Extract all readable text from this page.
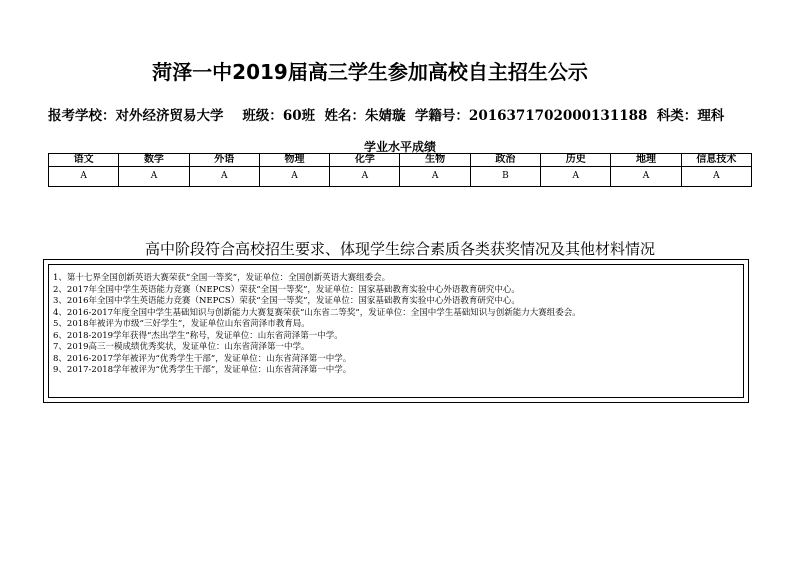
菏泽一中2019届高三学生参加高校自主招生公示
报考学校：对外经济贸易大学 班级：60班 姓名：朱婧璇 学籍号：2016371702000131188 科类：理科
学业水平成绩
语文	数学	外语	物理	化学	生物	政治	历史	地理	信息技术
A	A	A	A	A	A	B	A	A	A
高中阶段符合高校招生要求、体现学生综合素质各类获奖情况及其他材料情况
1、第十七界全国创新英语大赛荣获“全国一等奖”，发证单位：全国创新英语大赛组委会。
2、2017年全国中学生英语能力竞赛（NEPCS）荣获“全国一等奖”，发证单位：国家基础教育实验中心外语教育研究中心。
3、2016年全国中学生英语能力竞赛（NEPCS）荣获“全国一等奖”，发证单位：国家基础教育实验中心外语教育研究中心。
4、2016-2017年度全国中学生基础知识与创新能力大赛复赛荣获“山东省二等奖”，发证单位：全国中学生基础知识与创新能力大赛组委会。
5、2018年被评为市级“三好学生”，发证单位山东省菏泽市教育局。
6、2018-2019学年获得“杰出学生”称号，发证单位：山东省菏泽第一中学。
7、2019高三一模成绩优秀奖状，发证单位：山东省菏泽第一中学。
8、2016-2017学年被评为“优秀学生干部”，发证单位：山东省菏泽第一中学。
9、2017-2018学年被评为“优秀学生干部”，发证单位：山东省菏泽第一中学。
